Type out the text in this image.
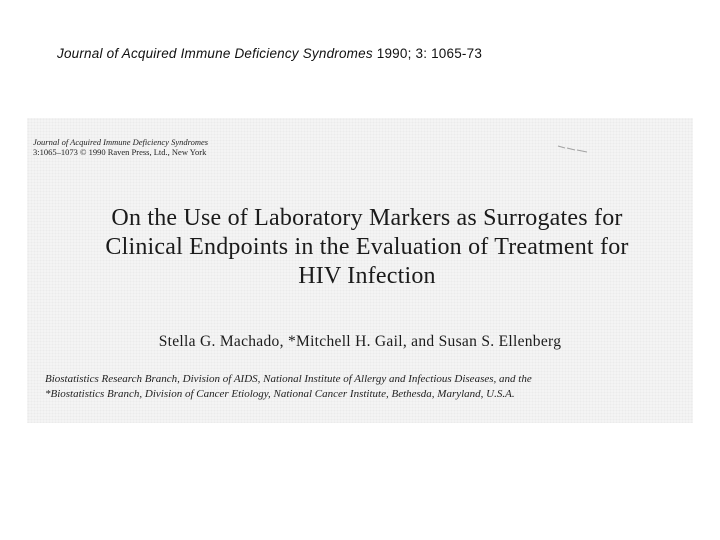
Journal of Acquired Immune Deficiency Syndromes 1990; 3: 1065-73
Journal of Acquired Immune Deficiency Syndromes
3:1065–1073 © 1990 Raven Press, Ltd., New York
On the Use of Laboratory Markers as Surrogates for
Clinical Endpoints in the Evaluation of Treatment for
HIV Infection
Stella G. Machado, *Mitchell H. Gail, and Susan S. Ellenberg
Biostatistics Research Branch, Division of AIDS, National Institute of Allergy and Infectious Diseases, and the
*Biostatistics Branch, Division of Cancer Etiology, National Cancer Institute, Bethesda, Maryland, U.S.A.
